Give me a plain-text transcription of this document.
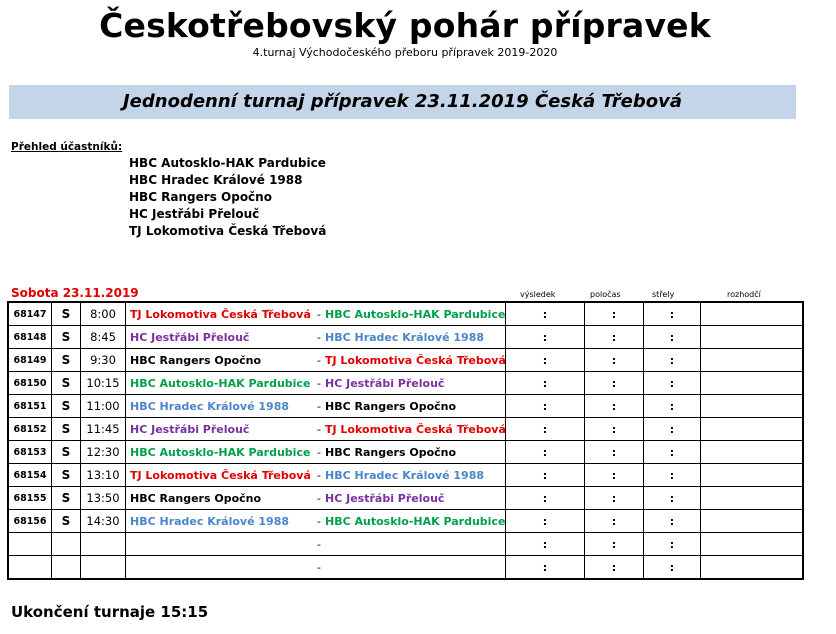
Českotřebovský pohár přípravek
4.turnaj Východočeského přeboru přípravek 2019-2020
Jednodenní turnaj přípravek 23.11.2019 Česká Třebová
Přehled účastníků:
HBC Autosklo-HAK Pardubice
HBC Hradec Králové 1988
HBC Rangers Opočno
HC Jestřábi Přelouč
TJ Lokomotiva Česká Třebová
Sobota 23.11.2019	výsledek	poločas	střely	rozhodčí
68147	S	8:00	TJ Lokomotiva Česká Třebová	-	HBC Autosklo-HAK Pardubice	:	:	:	
68148	S	8:45	HC Jestřábi Přelouč	-	HBC Hradec Králové 1988	:	:	:	
68149	S	9:30	HBC Rangers Opočno	-	TJ Lokomotiva Česká Třebová	:	:	:	
68150	S	10:15	HBC Autosklo-HAK Pardubice	-	HC Jestřábi Přelouč	:	:	:	
68151	S	11:00	HBC Hradec Králové 1988	-	HBC Rangers Opočno	:	:	:	
68152	S	11:45	HC Jestřábi Přelouč	-	TJ Lokomotiva Česká Třebová	:	:	:	
68153	S	12:30	HBC Autosklo-HAK Pardubice	-	HBC Rangers Opočno	:	:	:	
68154	S	13:10	TJ Lokomotiva Česká Třebová	-	HBC Hradec Králové 1988	:	:	:	
68155	S	13:50	HBC Rangers Opočno	-	HC Jestřábi Přelouč	:	:	:	
68156	S	14:30	HBC Hradec Králové 1988	-	HBC Autosklo-HAK Pardubice	:	:	:	
				-		:	:	:	
				-		:	:	:	
Ukončení turnaje 15:15
